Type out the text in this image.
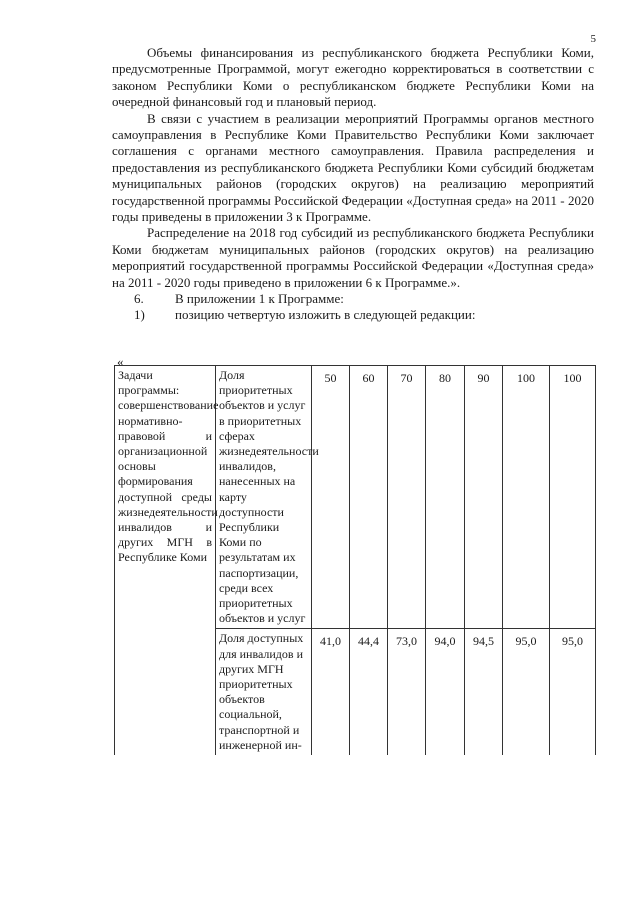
5

Объемы финансирования из республиканского бюджета Республики Коми, предусмотренные Программой, могут ежегодно корректироваться в соответствии с законом Республики Коми о республиканском бюджете Республики Коми на очередной финансовый год и плановый период.

В связи с участием в реализации мероприятий Программы органов местного самоуправления в Республике Коми Правительство Республики Коми заключает соглашения с органами местного самоуправления. Правила распределения и предоставления из республиканского бюджета Республики Коми субсидий бюджетам муниципальных районов (городских округов) на реализацию мероприятий государственной программы Российской Федерации «Доступная среда» на 2011 - 2020 годы приведены в приложении 3 к Программе.

Распределение на 2018 год субсидий из республиканского бюджета Республики Коми бюджетам муниципальных районов (городских округов) на реализацию мероприятий государственной программы Российской Федерации «Доступная среда» на 2011 - 2020 годы приведено в приложении 6 к Программе.».

6. В приложении 1 к Программе:
1) позицию четвертую изложить в следующей редакции:
«
Задачи программы: совершенствование нормативно-правовой и организационной основы формирования доступной среды жизнедеятельности инвалидов и других МГН в Республике Коми	Доля приоритетных объектов и услуг в приоритетных сферах жизнедеятельности инвалидов, нанесенных на карту доступности Республики Коми по результатам их паспортизации, среди всех приоритетных объектов и услуг	50	60	70	80	90	100	100
	Доля доступных для инвалидов и других МГН приоритетных объектов социальной, транспортной и инженерной ин-	41,0	44,4	73,0	94,0	94,5	95,0	95,0
